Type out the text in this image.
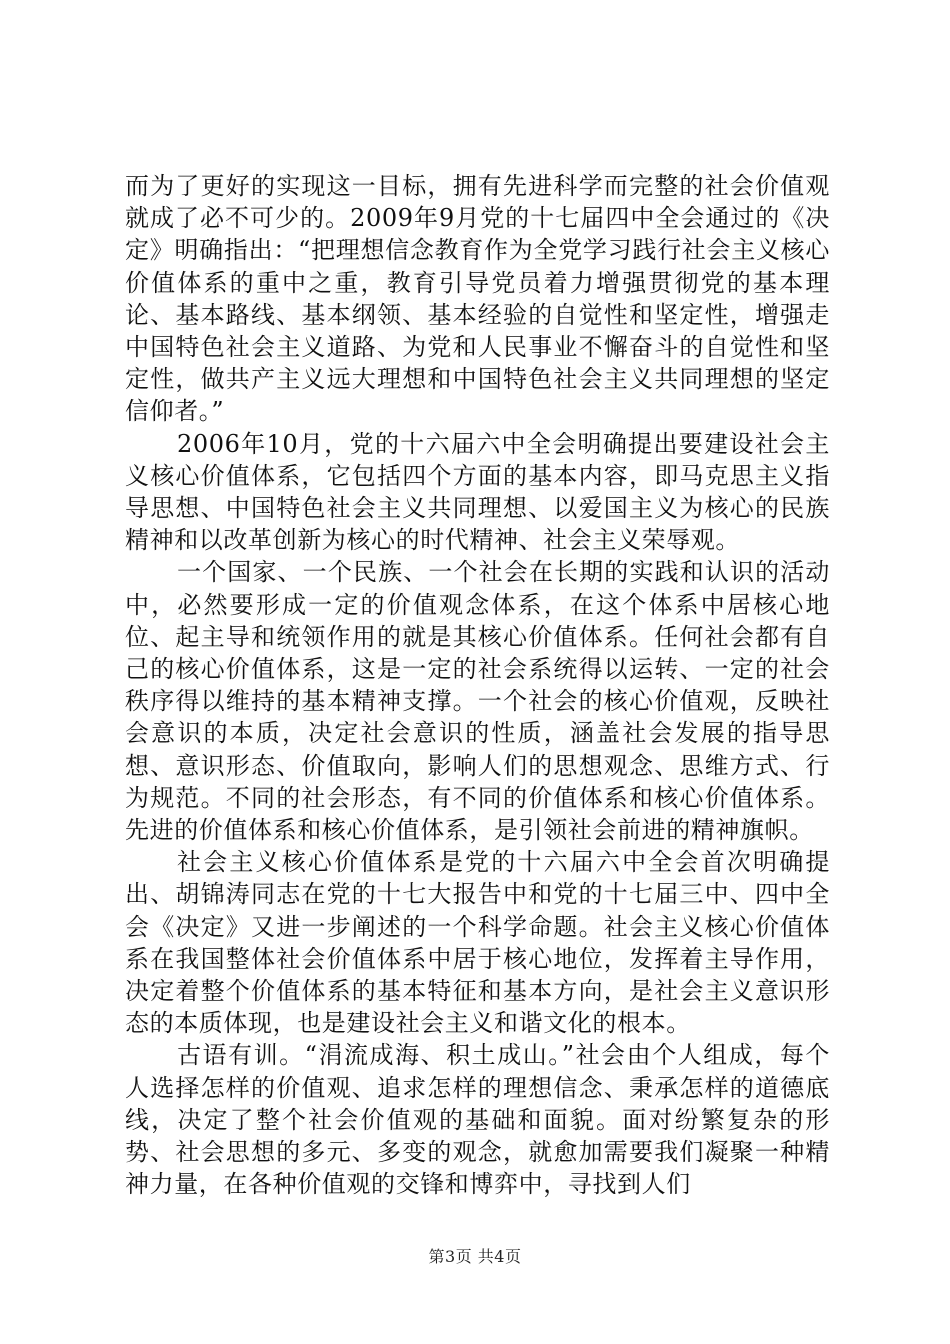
而为了更好的实现这一目标，拥有先进科学而完整的社会价值观就成了必不可少的。2009年9月党的十七届四中全会通过的《决定》明确指出：“把理想信念教育作为全党学习践行社会主义核心价值体系的重中之重，教育引导党员着力增强贯彻党的基本理论、基本路线、基本纲领、基本经验的自觉性和坚定性，增强走中国特色社会主义道路、为党和人民事业不懈奋斗的自觉性和坚定性，做共产主义远大理想和中国特色社会主义共同理想的坚定信仰者。”

2006年10月，党的十六届六中全会明确提出要建设社会主义核心价值体系，它包括四个方面的基本内容，即马克思主义指导思想、中国特色社会主义共同理想、以爱国主义为核心的民族精神和以改革创新为核心的时代精神、社会主义荣辱观。

一个国家、一个民族、一个社会在长期的实践和认识的活动中，必然要形成一定的价值观念体系，在这个体系中居核心地位、起主导和统领作用的就是其核心价值体系。任何社会都有自己的核心价值体系，这是一定的社会系统得以运转、一定的社会秩序得以维持的基本精神支撑。一个社会的核心价值观，反映社会意识的本质，决定社会意识的性质，涵盖社会发展的指导思想、意识形态、价值取向，影响人们的思想观念、思维方式、行为规范。不同的社会形态，有不同的价值体系和核心价值体系。先进的价值体系和核心价值体系，是引领社会前进的精神旗帜。

社会主义核心价值体系是党的十六届六中全会首次明确提出、胡锦涛同志在党的十七大报告中和党的十七届三中、四中全会《决定》又进一步阐述的一个科学命题。社会主义核心价值体系在我国整体社会价值体系中居于核心地位，发挥着主导作用，决定着整个价值体系的基本特征和基本方向，是社会主义意识形态的本质体现，也是建设社会主义和谐文化的根本。

古语有训。“涓流成海、积土成山。”社会由个人组成，每个人选择怎样的价值观、追求怎样的理想信念、秉承怎样的道德底线，决定了整个社会价值观的基础和面貌。面对纷繁复杂的形势、社会思想的多元、多变的观念，就愈加需要我们凝聚一种精神力量，在各种价值观的交锋和博弈中，寻找到人们

第3页 共4页
